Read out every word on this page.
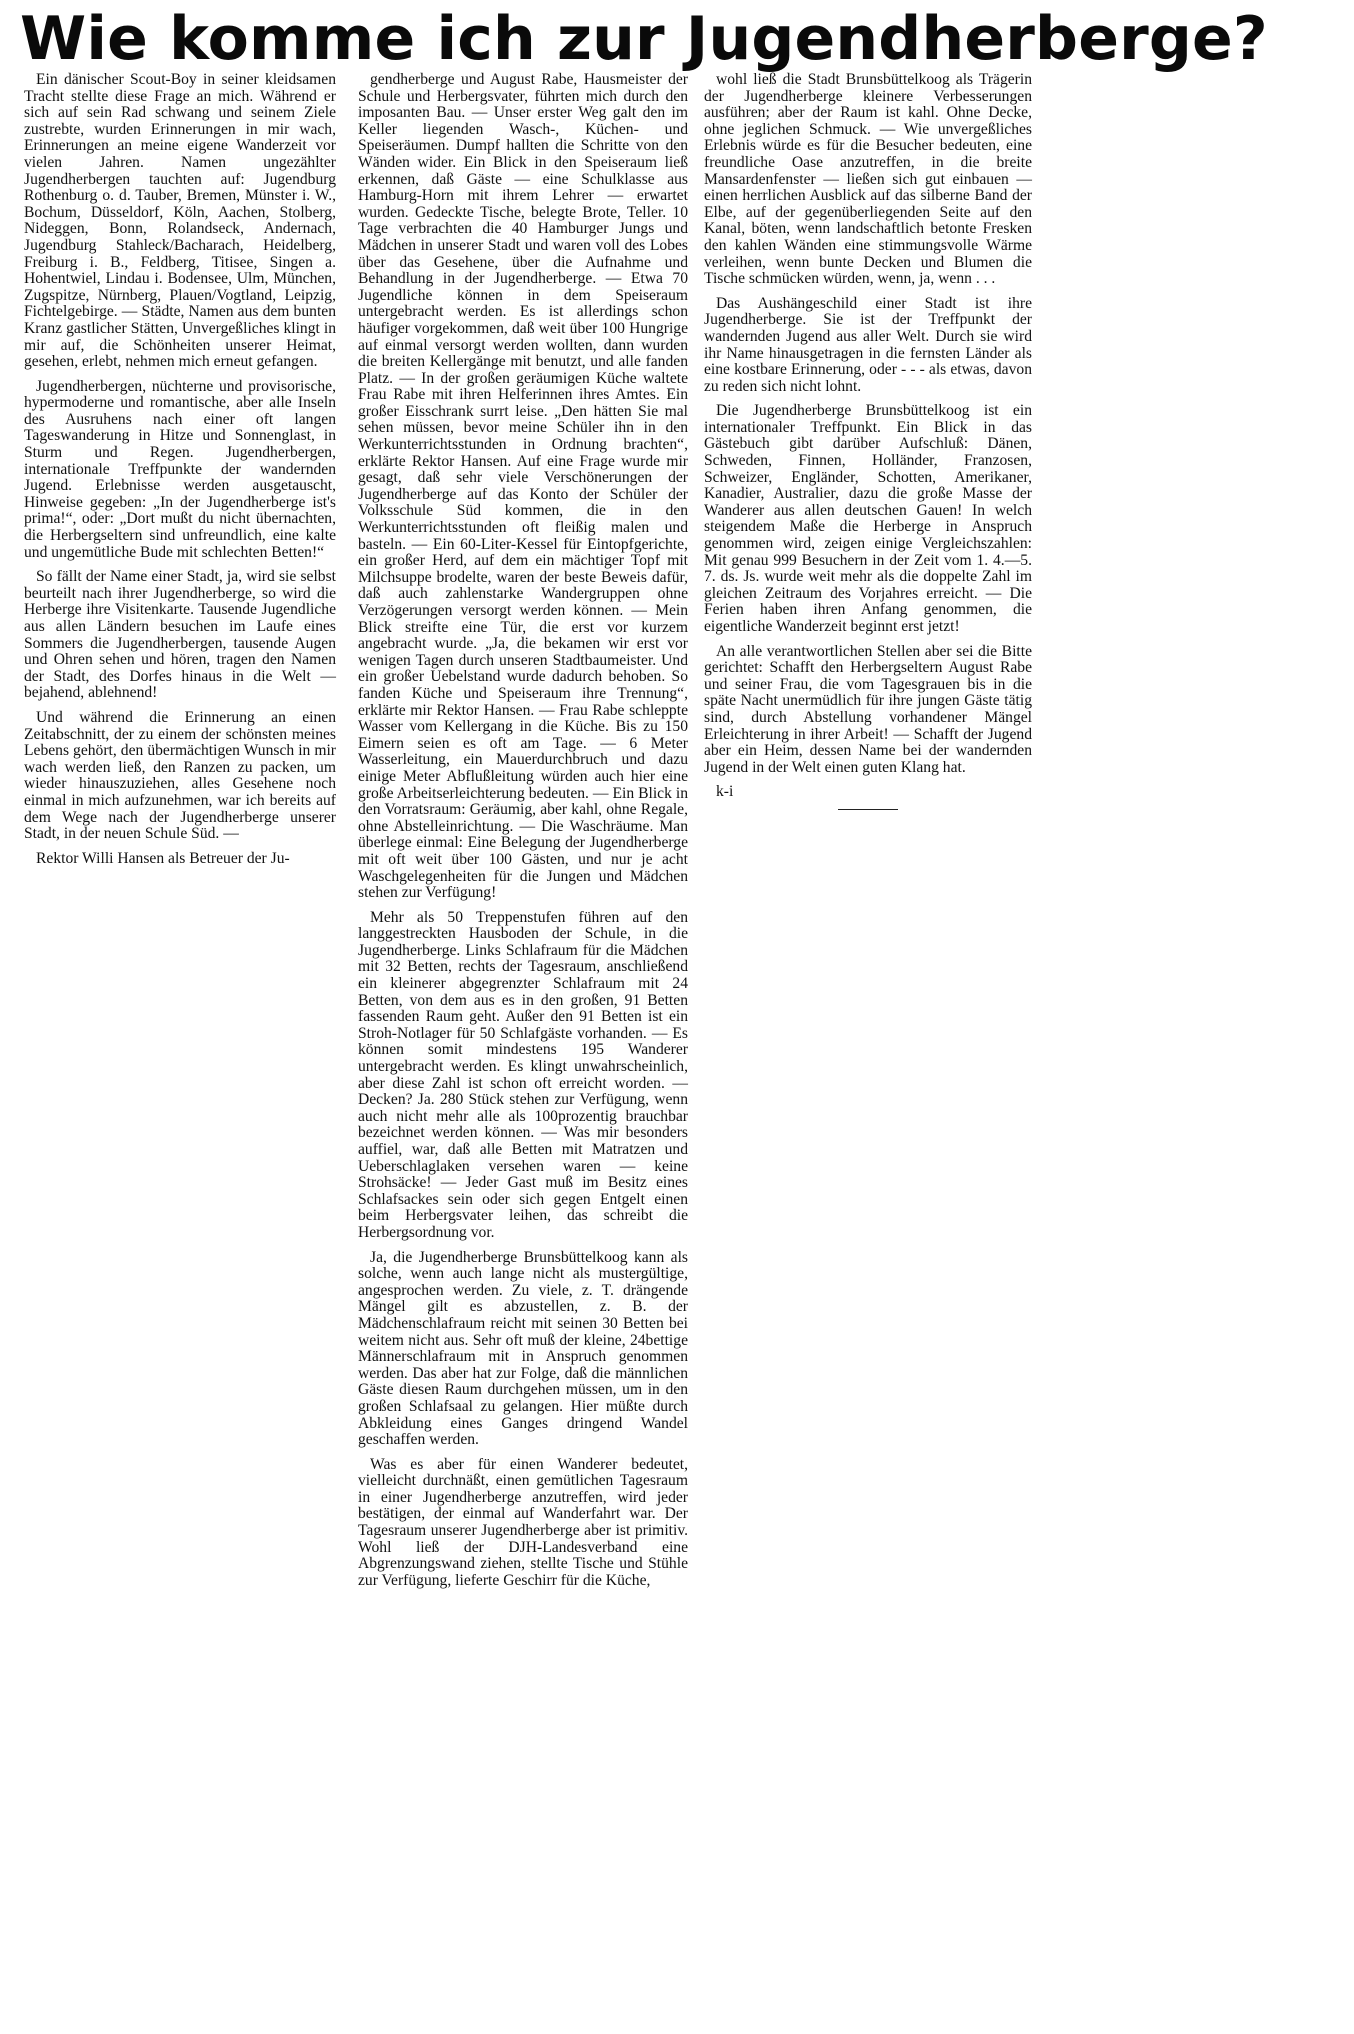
Wie komme ich zur Jugendherberge?

Ein dänischer Scout-Boy in seiner kleidsamen Tracht stellte diese Frage an mich. Während er sich auf sein Rad schwang und seinem Ziele zustrebte, wurden Erinnerungen in mir wach, Erinnerungen an meine eigene Wanderzeit vor vielen Jahren. Namen ungezählter Jugendherbergen tauchten auf: Jugendburg Rothenburg o. d. Tauber, Bremen, Münster i. W., Bochum, Düsseldorf, Köln, Aachen, Stolberg, Nideggen, Bonn, Rolandseck, Andernach, Jugendburg Stahleck/Bacharach, Heidelberg, Freiburg i. B., Feldberg, Titisee, Singen a. Hohentwiel, Lindau i. Bodensee, Ulm, München, Zugspitze, Nürnberg, Plauen/Vogtland, Leipzig, Fichtelgebirge. — Städte, Namen aus dem bunten Kranz gastlicher Stätten, Unvergeßliches klingt in mir auf, die Schönheiten unserer Heimat, gesehen, erlebt, nehmen mich erneut gefangen.

Jugendherbergen, nüchterne und provisorische, hypermoderne und romantische, aber alle Inseln des Ausruhens nach einer oft langen Tageswanderung in Hitze und Sonnenglast, in Sturm und Regen. Jugendherbergen, internationale Treffpunkte der wandernden Jugend. Erlebnisse werden ausgetauscht, Hinweise gegeben: „In der Jugendherberge ist's prima!“, oder: „Dort mußt du nicht übernachten, die Herbergseltern sind unfreundlich, eine kalte und ungemütliche Bude mit schlechten Betten!“

So fällt der Name einer Stadt, ja, wird sie selbst beurteilt nach ihrer Jugendherberge, so wird die Herberge ihre Visitenkarte. Tausende Jugendliche aus allen Ländern besuchen im Laufe eines Sommers die Jugendherbergen, tausende Augen und Ohren sehen und hören, tragen den Namen der Stadt, des Dorfes hinaus in die Welt — bejahend, ablehnend!

Und während die Erinnerung an einen Zeitabschnitt, der zu einem der schönsten meines Lebens gehört, den übermächtigen Wunsch in mir wach werden ließ, den Ranzen zu packen, um wieder hinauszuziehen, alles Gesehene noch einmal in mich aufzunehmen, war ich bereits auf dem Wege nach der Jugendherberge unserer Stadt, in der neuen Schule Süd. —

Rektor Willi Hansen als Betreuer der Ju-

gendherberge und August Rabe, Hausmeister der Schule und Herbergsvater, führten mich durch den imposanten Bau. — Unser erster Weg galt den im Keller liegenden Wasch-, Küchen- und Speiseräumen. Dumpf hallten die Schritte von den Wänden wider. Ein Blick in den Speiseraum ließ erkennen, daß Gäste — eine Schulklasse aus Hamburg-Horn mit ihrem Lehrer — erwartet wurden. Gedeckte Tische, belegte Brote, Teller. 10 Tage verbrachten die 40 Hamburger Jungs und Mädchen in unserer Stadt und waren voll des Lobes über das Gesehene, über die Aufnahme und Behandlung in der Jugendherberge. — Etwa 70 Jugendliche können in dem Speiseraum untergebracht werden. Es ist allerdings schon häufiger vorgekommen, daß weit über 100 Hungrige auf einmal versorgt werden wollten, dann wurden die breiten Kellergänge mit benutzt, und alle fanden Platz. — In der großen geräumigen Küche waltete Frau Rabe mit ihren Helferinnen ihres Amtes. Ein großer Eisschrank surrt leise. „Den hätten Sie mal sehen müssen, bevor meine Schüler ihn in den Werkunterrichtsstunden in Ordnung brachten“, erklärte Rektor Hansen. Auf eine Frage wurde mir gesagt, daß sehr viele Verschönerungen der Jugendherberge auf das Konto der Schüler der Volksschule Süd kommen, die in den Werkunterrichtsstunden oft fleißig malen und basteln. — Ein 60-Liter-Kessel für Eintopfgerichte, ein großer Herd, auf dem ein mächtiger Topf mit Milchsuppe brodelte, waren der beste Beweis dafür, daß auch zahlenstarke Wandergruppen ohne Verzögerungen versorgt werden können. — Mein Blick streifte eine Tür, die erst vor kurzem angebracht wurde. „Ja, die bekamen wir erst vor wenigen Tagen durch unseren Stadtbaumeister. Und ein großer Uebelstand wurde dadurch behoben. So fanden Küche und Speiseraum ihre Trennung“, erklärte mir Rektor Hansen. — Frau Rabe schleppte Wasser vom Kellergang in die Küche. Bis zu 150 Eimern seien es oft am Tage. — 6 Meter Wasserleitung, ein Mauerdurchbruch und dazu einige Meter Abflußleitung würden auch hier eine große Arbeitserleichterung bedeuten. — Ein Blick in den Vorratsraum: Geräumig, aber kahl, ohne Regale, ohne Abstelleinrichtung. — Die Waschräume. Man überlege einmal: Eine Belegung der Jugendherberge mit oft weit über 100 Gästen, und nur je acht Waschgelegenheiten für die Jungen und Mädchen stehen zur Verfügung!

Mehr als 50 Treppenstufen führen auf den langgestreckten Hausboden der Schule, in die Jugendherberge. Links Schlafraum für die Mädchen mit 32 Betten, rechts der Tagesraum, anschließend ein kleinerer abgegrenzter Schlafraum mit 24 Betten, von dem aus es in den großen, 91 Betten fassenden Raum geht. Außer den 91 Betten ist ein Stroh-Notlager für 50 Schlafgäste vorhanden. — Es können somit mindestens 195 Wanderer untergebracht werden. Es klingt unwahrscheinlich, aber diese Zahl ist schon oft erreicht worden. — Decken? Ja. 280 Stück stehen zur Verfügung, wenn auch nicht mehr alle als 100prozentig brauchbar bezeichnet werden können. — Was mir besonders auffiel, war, daß alle Betten mit Matratzen und Ueberschlaglaken versehen waren — keine Strohsäcke! — Jeder Gast muß im Besitz eines Schlafsackes sein oder sich gegen Entgelt einen beim Herbergsvater leihen, das schreibt die Herbergsordnung vor.

Ja, die Jugendherberge Brunsbüttelkoog kann als solche, wenn auch lange nicht als mustergültige, angesprochen werden. Zu viele, z. T. drängende Mängel gilt es abzustellen, z. B. der Mädchenschlafraum reicht mit seinen 30 Betten bei weitem nicht aus. Sehr oft muß der kleine, 24bettige Männerschlafraum mit in Anspruch genommen werden. Das aber hat zur Folge, daß die männlichen Gäste diesen Raum durchgehen müssen, um in den großen Schlafsaal zu gelangen. Hier müßte durch Abkleidung eines Ganges dringend Wandel geschaffen werden.

Was es aber für einen Wanderer bedeutet, vielleicht durchnäßt, einen gemütlichen Tagesraum in einer Jugendherberge anzutreffen, wird jeder bestätigen, der einmal auf Wanderfahrt war. Der Tagesraum unserer Jugendherberge aber ist primitiv. Wohl ließ der DJH-Landesverband eine Abgrenzungswand ziehen, stellte Tische und Stühle zur Verfügung, lieferte Geschirr für die Küche,

wohl ließ die Stadt Brunsbüttelkoog als Trägerin der Jugendherberge kleinere Verbesserungen ausführen; aber der Raum ist kahl. Ohne Decke, ohne jeglichen Schmuck. — Wie unvergeßliches Erlebnis würde es für die Besucher bedeuten, eine freundliche Oase anzutreffen, in die breite Mansardenfenster — ließen sich gut einbauen — einen herrlichen Ausblick auf das silberne Band der Elbe, auf der gegenüberliegenden Seite auf den Kanal, böten, wenn landschaftlich betonte Fresken den kahlen Wänden eine stimmungsvolle Wärme verleihen, wenn bunte Decken und Blumen die Tische schmücken würden, wenn, ja, wenn . . .

Das Aushängeschild einer Stadt ist ihre Jugendherberge. Sie ist der Treffpunkt der wandernden Jugend aus aller Welt. Durch sie wird ihr Name hinausgetragen in die fernsten Länder als eine kostbare Erinnerung, oder - - - als etwas, davon zu reden sich nicht lohnt.

Die Jugendherberge Brunsbüttelkoog ist ein internationaler Treffpunkt. Ein Blick in das Gästebuch gibt darüber Aufschluß: Dänen, Schweden, Finnen, Holländer, Franzosen, Schweizer, Engländer, Schotten, Amerikaner, Kanadier, Australier, dazu die große Masse der Wanderer aus allen deutschen Gauen! In welch steigendem Maße die Herberge in Anspruch genommen wird, zeigen einige Vergleichszahlen: Mit genau 999 Besuchern in der Zeit vom 1. 4.—5. 7. ds. Js. wurde weit mehr als die doppelte Zahl im gleichen Zeitraum des Vorjahres erreicht. — Die Ferien haben ihren Anfang genommen, die eigentliche Wanderzeit beginnt erst jetzt!

An alle verantwortlichen Stellen aber sei die Bitte gerichtet: Schafft den Herbergseltern August Rabe und seiner Frau, die vom Tagesgrauen bis in die späte Nacht unermüdlich für ihre jungen Gäste tätig sind, durch Abstellung vorhandener Mängel Erleichterung in ihrer Arbeit! — Schafft der Jugend aber ein Heim, dessen Name bei der wandernden Jugend in der Welt einen guten Klang hat.

k-i
